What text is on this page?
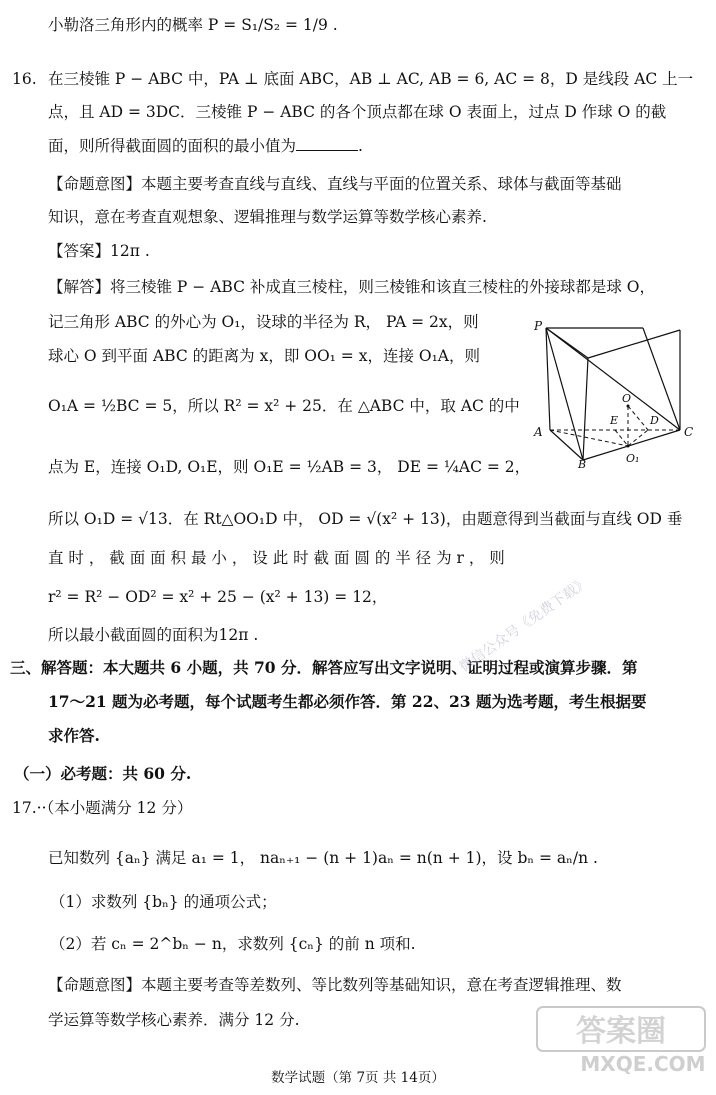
小勒洛三角形内的概率 P = S₁/S₂ = 1/9 .
16. 在三棱锥 P − ABC 中，PA ⊥ 底面 ABC，AB ⊥ AC, AB = 6, AC = 8，D 是线段 AC 上一
点，且 AD = 3DC．三棱锥 P − ABC 的各个顶点都在球 O 表面上，过点 D 作球 O 的截
面，则所得截面圆的面积的最小值为	.
【命题意图】本题主要考查直线与直线、直线与平面的位置关系、球体与截面等基础
知识，意在考查直观想象、逻辑推理与数学运算等数学核心素养.
【答案】12π .
【解答】将三棱锥 P − ABC 补成直三棱柱，则三棱锥和该直三棱柱的外接球都是球 O，
记三角形 ABC 的外心为 O₁，设球的半径为 R， PA = 2x，则
球心 O 到平面 ABC 的距离为 x，即 OO₁ = x，连接 O₁A，则
O₁A = ½BC = 5，所以 R² = x² + 25．在 △ABC 中，取 AC 的中
点为 E，连接 O₁D, O₁E，则 O₁E = ½AB = 3， DE = ¼AC = 2，
所以 O₁D = √13．在 Rt△OO₁D 中， OD = √(x² + 13)，由题意得到当截面与直线 OD 垂
直 时 ， 截 面 面 积 最 小 ， 设 此 时 截 面 圆 的 半 径 为 r ， 则
r² = R² − OD² = x² + 25 − (x² + 13) = 12，
所以最小截面圆的面积为12π .
三、解答题：本大题共 6 小题，共 70 分．解答应写出文字说明、证明过程或演算步骤．第
17～21 题为必考题，每个试题考生都必须作答．第 22、23 题为选考题，考生根据要
求作答.
（一）必考题：共 60 分.
17.··（本小题满分 12 分）
已知数列 {aₙ} 满足 a₁ = 1， naₙ₊₁ − (n + 1)aₙ = n(n + 1)，设 bₙ = aₙ/n .
（1）求数列 {bₙ} 的通项公式；
（2）若 cₙ = 2^bₙ − n，求数列 {cₙ} 的前 n 项和.
【命题意图】本题主要考查等差数列、等比数列等基础知识，意在考查逻辑推理、数
学运算等数学核心素养．满分 12 分.
P
A
B
C
O
E	D
O₁
微信公众号《免费下载》
答案圈
MXQE.COM
数学试题（第 7页 共 14页）
